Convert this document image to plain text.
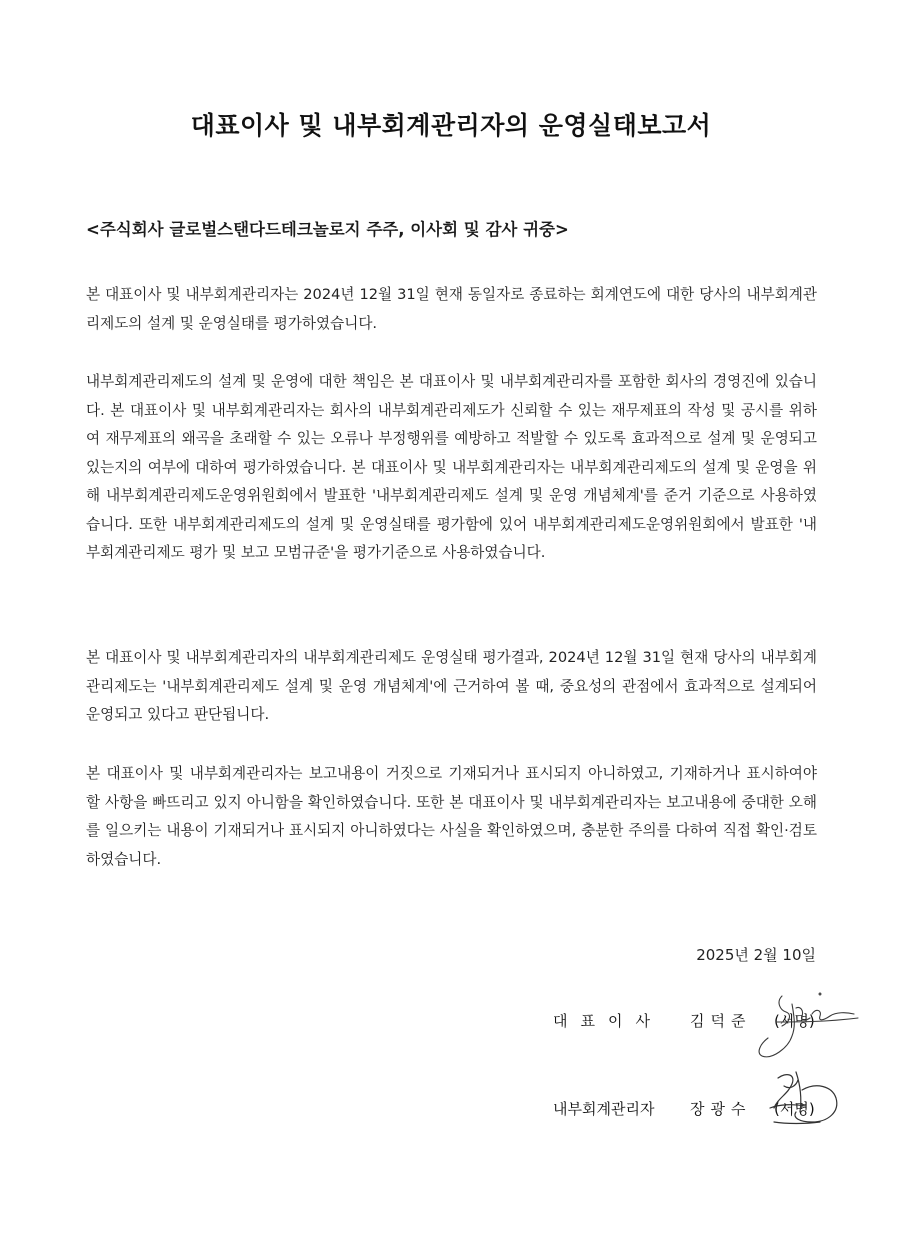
대표이사 및 내부회계관리자의 운영실태보고서
<주식회사 글로벌스탠다드테크놀로지 주주, 이사회 및 감사 귀중>

본 대표이사 및 내부회계관리자는 2024년 12월 31일 현재 동일자로 종료하는 회계연도에 대한 당사의 내부회계관리제도의 설계 및 운영실태를 평가하였습니다.

내부회계관리제도의 설계 및 운영에 대한 책임은 본 대표이사 및 내부회계관리자를 포함한 회사의 경영진에 있습니다. 본 대표이사 및 내부회계관리자는 회사의 내부회계관리제도가 신뢰할 수 있는 재무제표의 작성 및 공시를 위하여 재무제표의 왜곡을 초래할 수 있는 오류나 부정행위를 예방하고 적발할 수 있도록 효과적으로 설계 및 운영되고 있는지의 여부에 대하여 평가하였습니다. 본 대표이사 및 내부회계관리자는 내부회계관리제도의 설계 및 운영을 위해 내부회계관리제도운영위원회에서 발표한 '내부회계관리제도 설계 및 운영 개념체계'를 준거 기준으로 사용하였습니다. 또한 내부회계관리제도의 설계 및 운영실태를 평가함에 있어 내부회계관리제도운영위원회에서 발표한 '내부회계관리제도 평가 및 보고 모범규준'을 평가기준으로 사용하였습니다.

본 대표이사 및 내부회계관리자의 내부회계관리제도 운영실태 평가결과, 2024년 12월 31일 현재 당사의 내부회계관리제도는 '내부회계관리제도 설계 및 운영 개념체계'에 근거하여 볼 때, 중요성의 관점에서 효과적으로 설계되어 운영되고 있다고 판단됩니다.

본 대표이사 및 내부회계관리자는 보고내용이 거짓으로 기재되거나 표시되지 아니하였고, 기재하거나 표시하여야 할 사항을 빠뜨리고 있지 아니함을 확인하였습니다. 또한 본 대표이사 및 내부회계관리자는 보고내용에 중대한 오해를 일으키는 내용이 기재되거나 표시되지 아니하였다는 사실을 확인하였으며, 충분한 주의를 다하여 직접 확인·검토하였습니다.

2025년 2월 10일
대표이사 김덕준 (서명)
내부회계관리자 장광수 (서명)
